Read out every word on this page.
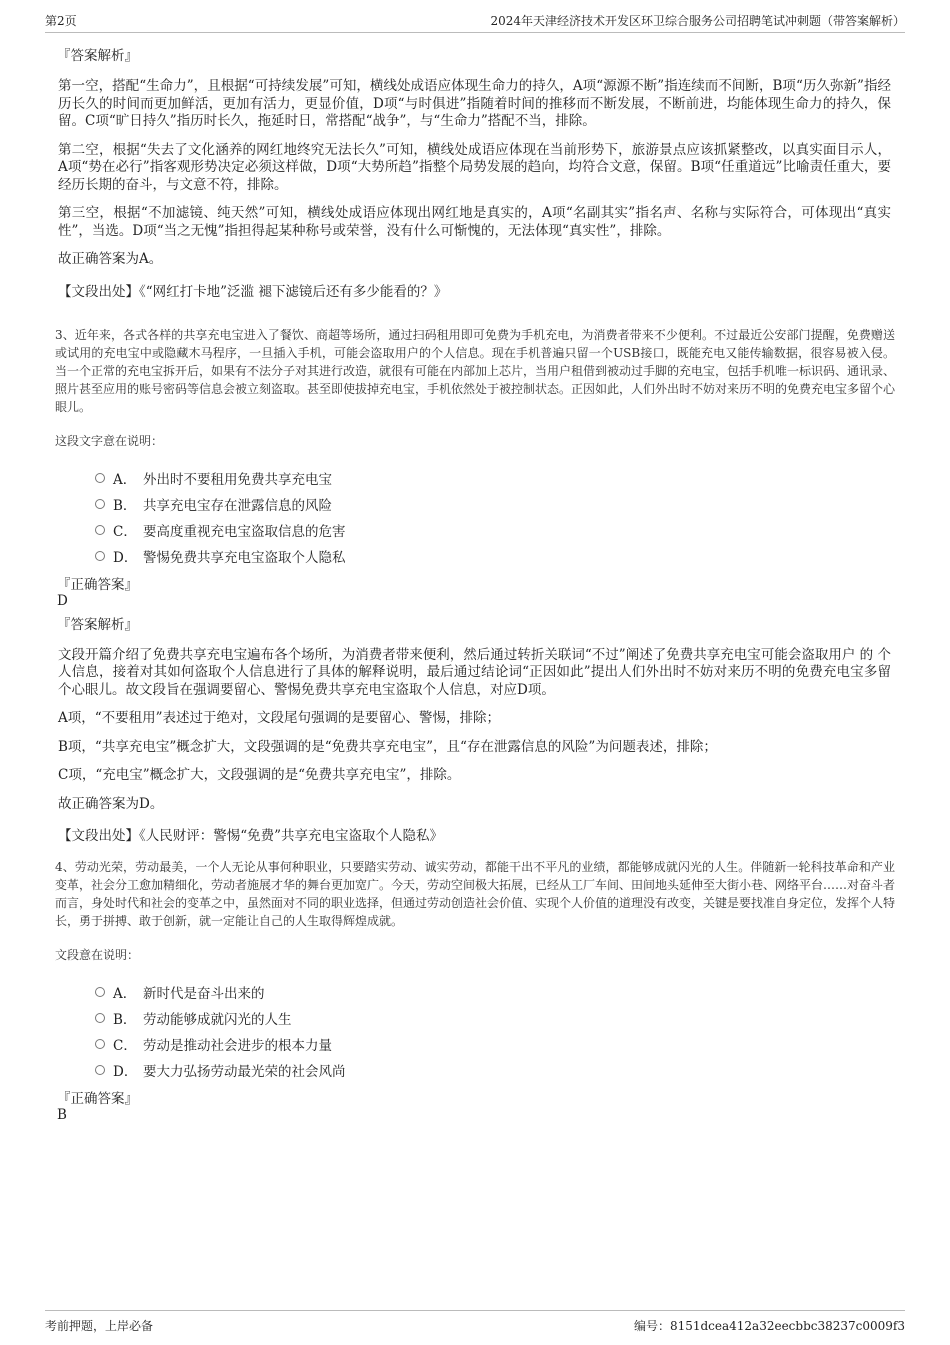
第2页	2024年天津经济技术开发区环卫综合服务公司招聘笔试冲刺题（带答案解析）
『答案解析』

第一空，搭配“生命力”，且根据“可持续发展”可知，横线处成语应体现生命力的持久，A项“源源不断”指连续而不间断，B项“历久弥新”指经历长久的时间而更加鲜活，更加有活力，更显价值，D项“与时俱进”指随着时间的推移而不断发展，不断前进，均能体现生命力的持久，保留。C项“旷日持久”指历时长久，拖延时日，常搭配“战争”，与“生命力”搭配不当，排除。

第二空，根据“失去了文化涵养的网红地终究无法长久”可知，横线处成语应体现在当前形势下，旅游景点应该抓紧整改，以真实面目示人，A项“势在必行”指客观形势决定必须这样做，D项“大势所趋”指整个局势发展的趋向，均符合文意，保留。B项“任重道远”比喻责任重大，要经历长期的奋斗，与文意不符，排除。

第三空，根据“不加滤镜、纯天然”可知，横线处成语应体现出网红地是真实的，A项“名副其实”指名声、名称与实际符合，可体现出“真实性”，当选。D项“当之无愧”指担得起某种称号或荣誉，没有什么可惭愧的，无法体现“真实性”，排除。

故正确答案为A。

【文段出处】《“网红打卡地”泛滥 褪下滤镜后还有多少能看的？》

3、近年来，各式各样的共享充电宝进入了餐饮、商超等场所，通过扫码租用即可免费为手机充电，为消费者带来不少便利。不过最近公安部门提醒，免费赠送或试用的充电宝中或隐藏木马程序，一旦插入手机，可能会盗取用户的个人信息。现在手机普遍只留一个USB接口，既能充电又能传输数据，很容易被入侵。当一个正常的充电宝拆开后，如果有不法分子对其进行改造，就很有可能在内部加上芯片，当用户租借到被动过手脚的充电宝，包括手机唯一标识码、通讯录、照片甚至应用的账号密码等信息会被立刻盗取。甚至即使拔掉充电宝，手机依然处于被控制状态。正因如此，人们外出时不妨对来历不明的免费充电宝多留个心眼儿。

这段文字意在说明：
A． 外出时不要租用免费共享充电宝
B． 共享充电宝存在泄露信息的风险
C． 要高度重视充电宝盗取信息的危害
D． 警惕免费共享充电宝盗取个人隐私
『正确答案』
D
『答案解析』

文段开篇介绍了免费共享充电宝遍布各个场所，为消费者带来便利，然后通过转折关联词“不过”阐述了免费共享充电宝可能会盗取用户 的 个人信息，接着对其如何盗取个人信息进行了具体的解释说明，最后通过结论词“正因如此”提出人们外出时不妨对来历不明的免费充电宝多留个心眼儿。故文段旨在强调要留心、警惕免费共享充电宝盗取个人信息，对应D项。

A项，“不要租用”表述过于绝对，文段尾句强调的是要留心、警惕，排除；

B项，“共享充电宝”概念扩大，文段强调的是“免费共享充电宝”，且“存在泄露信息的风险”为问题表述，排除；

C项，“充电宝”概念扩大，文段强调的是“免费共享充电宝”，排除。

故正确答案为D。

【文段出处】《人民财评：警惕“免费”共享充电宝盗取个人隐私》

4、劳动光荣，劳动最美，一个人无论从事何种职业，只要踏实劳动、诚实劳动，都能干出不平凡的业绩，都能够成就闪光的人生。伴随新一轮科技革命和产业变革，社会分工愈加精细化，劳动者施展才华的舞台更加宽广。今天，劳动空间极大拓展，已经从工厂车间、田间地头延伸至大街小巷、网络平台……对奋斗者而言，身处时代和社会的变革之中，虽然面对不同的职业选择，但通过劳动创造社会价值、实现个人价值的道理没有改变，关键是要找准自身定位，发挥个人特长，勇于拼搏、敢于创新，就一定能让自己的人生取得辉煌成就。

文段意在说明：
A． 新时代是奋斗出来的
B． 劳动能够成就闪光的人生
C． 劳动是推动社会进步的根本力量
D． 要大力弘扬劳动最光荣的社会风尚
『正确答案』
B
考前押题，上岸必备	编号：8151dcea412a32eecbbc38237c0009f3
